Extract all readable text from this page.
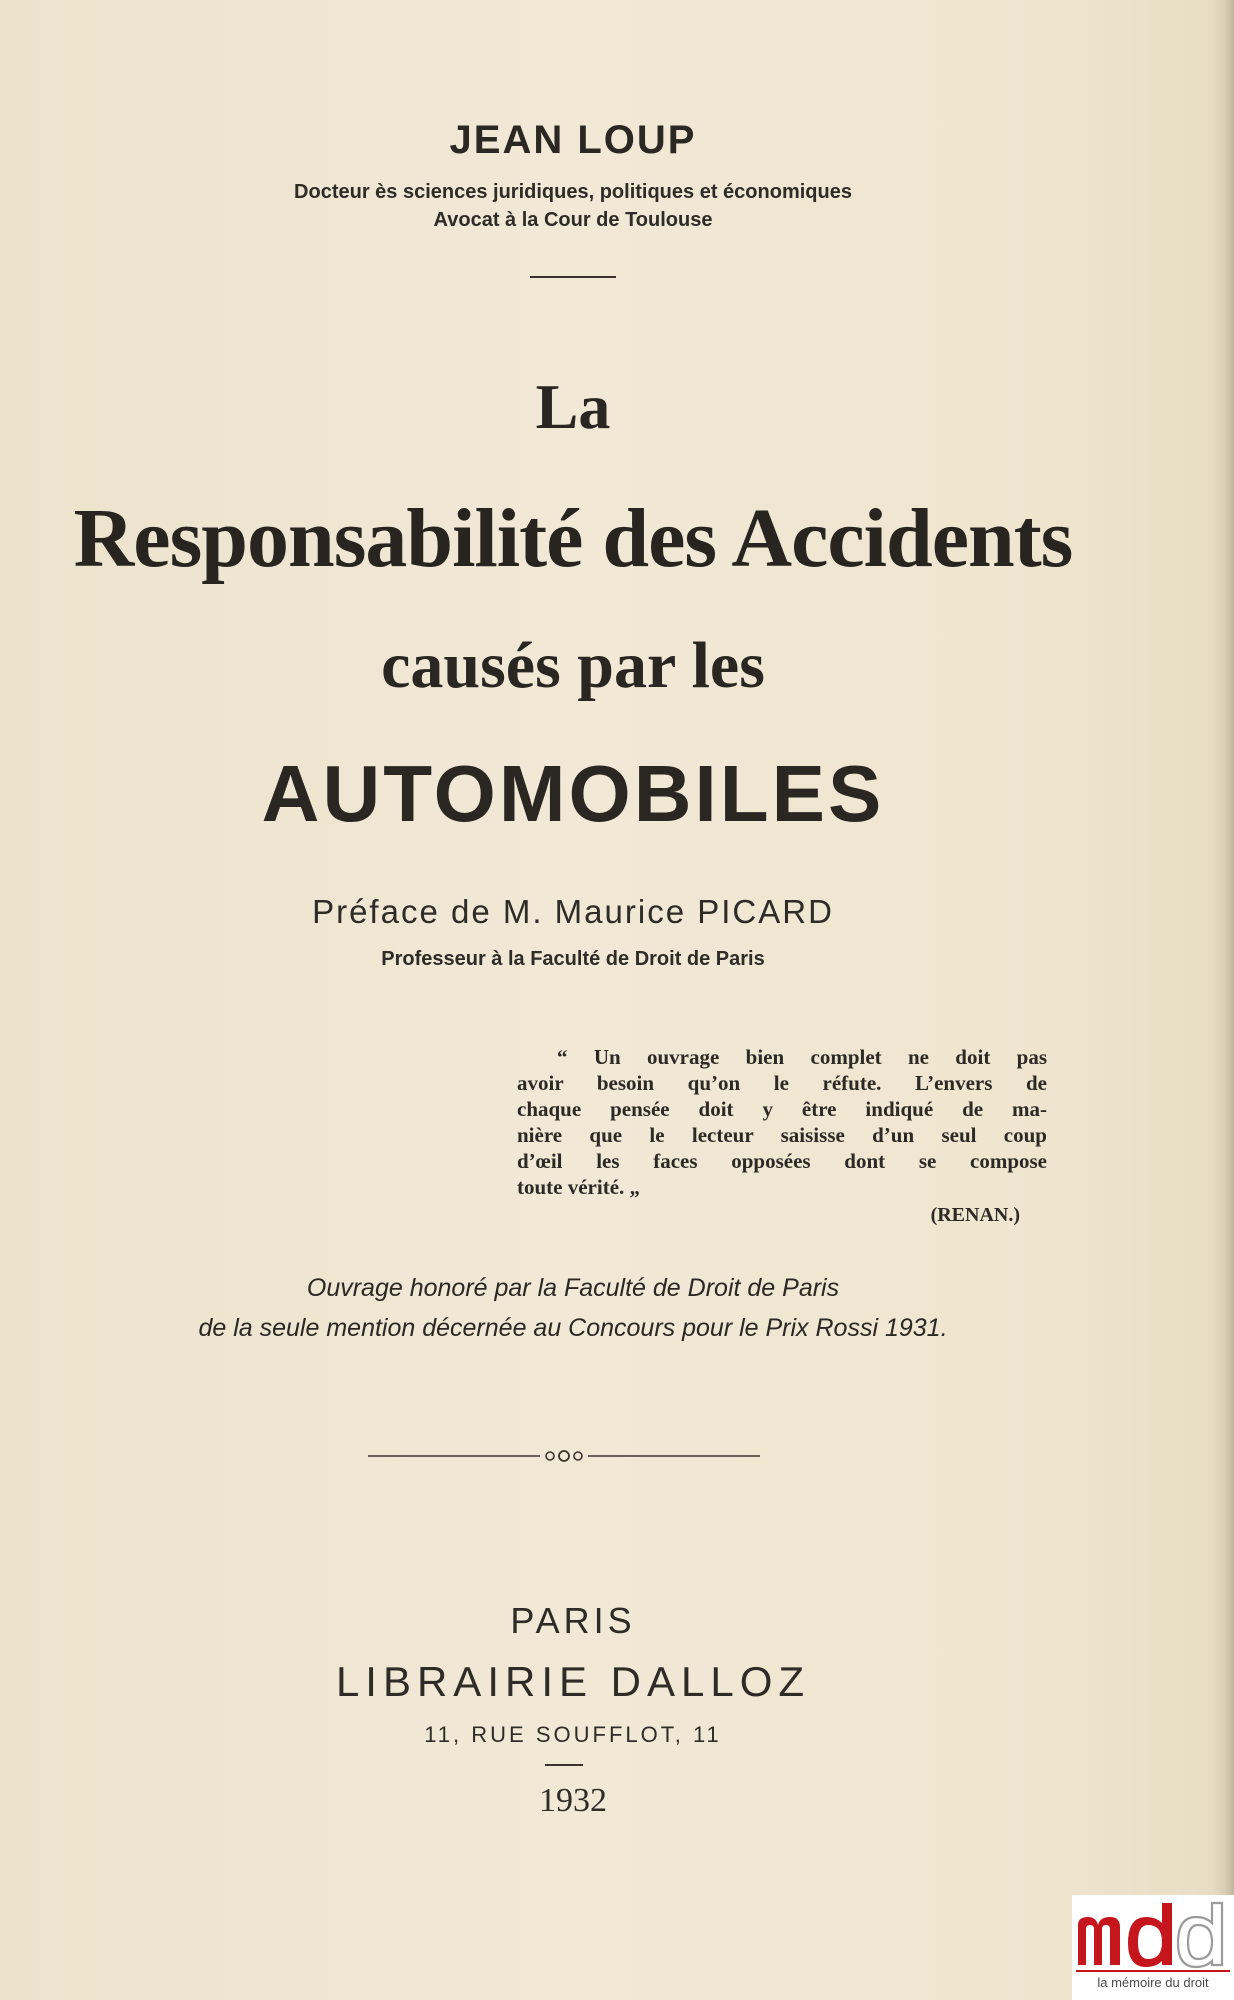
JEAN LOUP
Docteur ès sciences juridiques, politiques et économiques
Avocat à la Cour de Toulouse
La
Responsabilité des Accidents
causés par les
AUTOMOBILES
Préface de M. Maurice PICARD
Professeur à la Faculté de Droit de Paris
“ Un ouvrage bien complet ne doit pas
avoir besoin qu’on le réfute. L’envers de
chaque pensée doit y être indiqué de ma-
nière que le lecteur saisisse d’un seul coup
d’œil les faces opposées dont se compose
toute vérité. „
(RENAN.)
Ouvrage honoré par la Faculté de Droit de Paris
de la seule mention décernée au Concours pour le Prix Rossi 1931.
PARIS
LIBRAIRIE DALLOZ
11, RUE SOUFFLOT, 11
1932
la mémoire du droit
